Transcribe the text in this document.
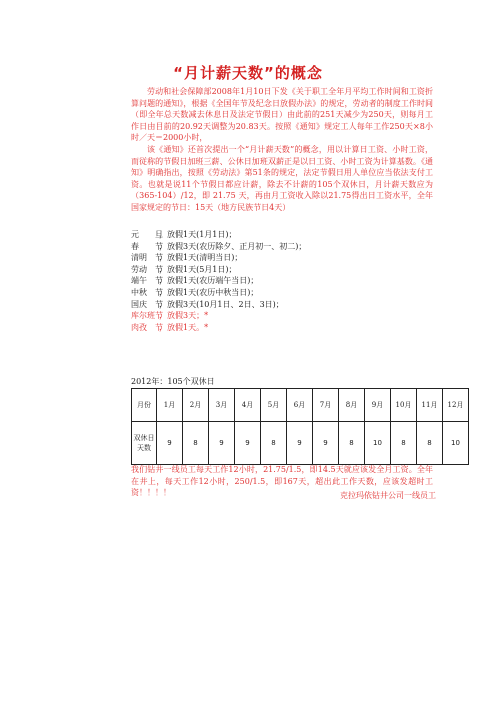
“月计薪天数”的概念

劳动和社会保障部2008年1月10日下发《关于职工全年月平均工作时间和工资折算问题的通知》，根据《全国年节及纪念日放假办法》的规定，劳动者的制度工作时间（即全年总天数减去休息日及法定节假日）由此前的251天减少为250天，则每月工作日由目前的20.92天调整为20.83天。按照《通知》规定工人每年工作250天×8小时／天＝2000小时，

该《通知》还首次提出一个“月计薪天数”的概念，用以计算日工资、小时工资，而従称的节假日加班三薪、公休日加班双薪正是以日工资、小时工资为计算基数。《通知》明确指出，按照《劳动法》第51条的规定，法定节假日用人单位应当依法支付工资。也就是说11个节假日都应计薪，除去不计薪的105个双休日，月计薪天数应为（365-104）/12，即 21.75 天，再由月工资收入除以21.75得出日工资水平，全年国家规定的节日：15天（地方民族节日4天）

元　　旦，放假1天(1月1日)；
春　　节，放假3天(农历除夕、正月初一、初二)；
清明　节，放假1天(清明当日)；
劳动　节，放假1天(5月1日)；
端午　节，放假1天(农历端午当日)；
中秋　节，放假1天(农历中秋当日)；
国庆　节，放假3天(10月1日、2日、3日)；
库尔班节，放假3天；*
肉孜　节，放假1天。*
2012年：105个双休日
月份	1月	2月	3月	4月	5月	6月	7月	8月	9月	10月	11月	12月
双休日天数	9	8	9	9	8	9	9	8	10	8	8	10
我们钻井一线员工每天工作12小时，21.75/1.5，即14.5天就应该发全月工资。全年在井上，每天工作12小时，250/1.5，即167天，超出此工作天数，应该发超时工资！！！！	克拉玛依钻井公司一线员工
